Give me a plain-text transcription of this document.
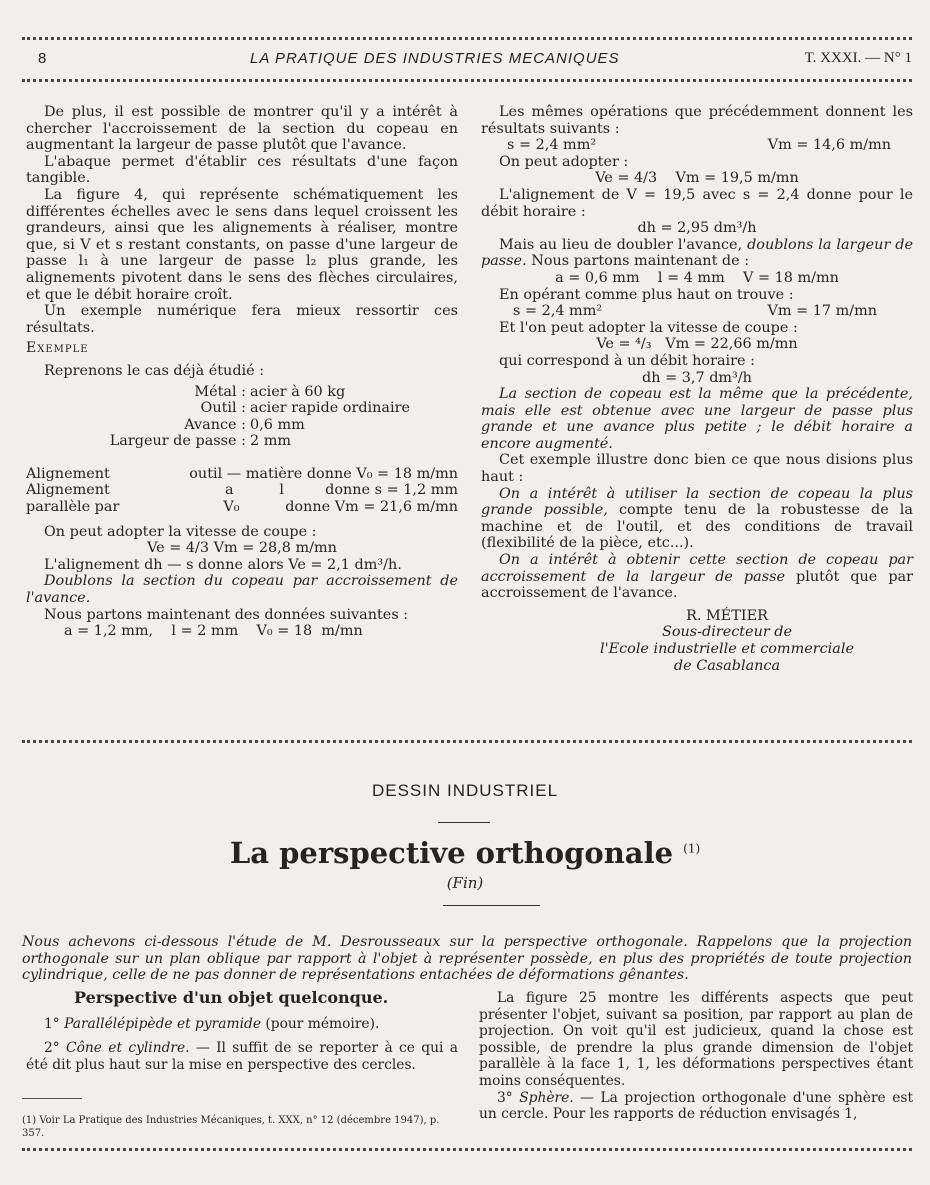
8	LA PRATIQUE DES INDUSTRIES MECANIQUES	T. XXXI. — N° 1

De plus, il est possible de montrer qu'il y a intérêt à chercher l'accroissement de la section du copeau en augmentant la largeur de passe plutôt que l'avance.

L'abaque permet d'établir ces résultats d'une façon tangible.

La figure 4, qui représente schématiquement les différentes échelles avec le sens dans lequel croissent les grandeurs, ainsi que les alignements à réaliser, montre que, si V et s restant constants, on passe d'une largeur de passe l₁ à une largeur de passe l₂ plus grande, les alignements pivotent dans le sens des flèches circulaires, et que le débit horaire croît.

Un exemple numérique fera mieux ressortir ces résultats.

Exemple

Reprenons le cas déjà étudié :

Métal : acier à 60 kg
Outil : acier rapide ordinaire
Avance : 0,6 mm
Largeur de passe : 2 mm
Alignement	outil — matière donne V₀ = 18 m/mn
Alignement	a          l         donne s = 1,2 mm
parallèle par	V₀          donne Vm = 21,6 m/mn

On peut adopter la vitesse de coupe :

Ve = 4/3 Vm = 28,8 m/mn

L'alignement dh — s donne alors Ve = 2,1 dm³/h.

Doublons la section du copeau par accroissement de l'avance.

Nous partons maintenant des données suivantes :

a = 1,2 mm,    l = 2 mm    V₀ = 18  m/mn

Les mêmes opérations que précédemment donnent les résultats suivants :

s = 2,4 mm²	Vm = 14,6 m/mn

On peut adopter :

Ve = 4/3    Vm = 19,5 m/mn

L'alignement de V = 19,5 avec s = 2,4 donne pour le débit horaire :

dh = 2,95 dm³/h

Mais au lieu de doubler l'avance, doublons la largeur de passe. Nous partons maintenant de :

a = 0,6 mm    l = 4 mm    V = 18 m/mn

En opérant comme plus haut on trouve :

s = 2,4 mm²	Vm = 17 m/mn

Et l'on peut adopter la vitesse de coupe :

Ve = ⁴/₃   Vm = 22,66 m/mn

qui correspond à un débit horaire :

dh = 3,7 dm³/h

La section de copeau est la même que la précédente, mais elle est obtenue avec une largeur de passe plus grande et une avance plus petite ; le débit horaire a encore augmenté.

Cet exemple illustre donc bien ce que nous disions plus haut :

On a intérêt à utiliser la section de copeau la plus grande possible, compte tenu de la robustesse de la machine et de l'outil, et des conditions de travail (flexibilité de la pièce, etc...).

On a intérêt à obtenir cette section de copeau par accroissement de la largeur de passe plutôt que par accroissement de l'avance.

R. MÉTIER
Sous-directeur de
l'Ecole industrielle et commerciale
de Casablanca
DESSIN INDUSTRIEL
La perspective orthogonale $^{(1)}$
(Fin)

Nous achevons ci-dessous l'étude de M. Desrousseaux sur la perspective orthogonale. Rappelons que la projection orthogonale sur un plan oblique par rapport à l'objet à représenter possède, en plus des propriétés de toute projection cylindrique, celle de ne pas donner de représentations entachées de déformations gênantes.

Perspective d'un objet quelconque.

1° Parallélépipède et pyramide (pour mémoire).

2° Cône et cylindre. — Il suffit de se reporter à ce qui a été dit plus haut sur la mise en perspective des cercles.

(1) Voir La Pratique des Industries Mécaniques, t. XXX, n° 12 (décembre 1947), p. 357.

La figure 25 montre les différents aspects que peut présenter l'objet, suivant sa position, par rapport au plan de projection. On voit qu'il est judicieux, quand la chose est possible, de prendre la plus grande dimension de l'objet parallèle à la face 1, 1, les déformations perspectives étant moins conséquentes.

3° Sphère. — La projection orthogonale d'une sphère est un cercle. Pour les rapports de réduction envisagés 1,
